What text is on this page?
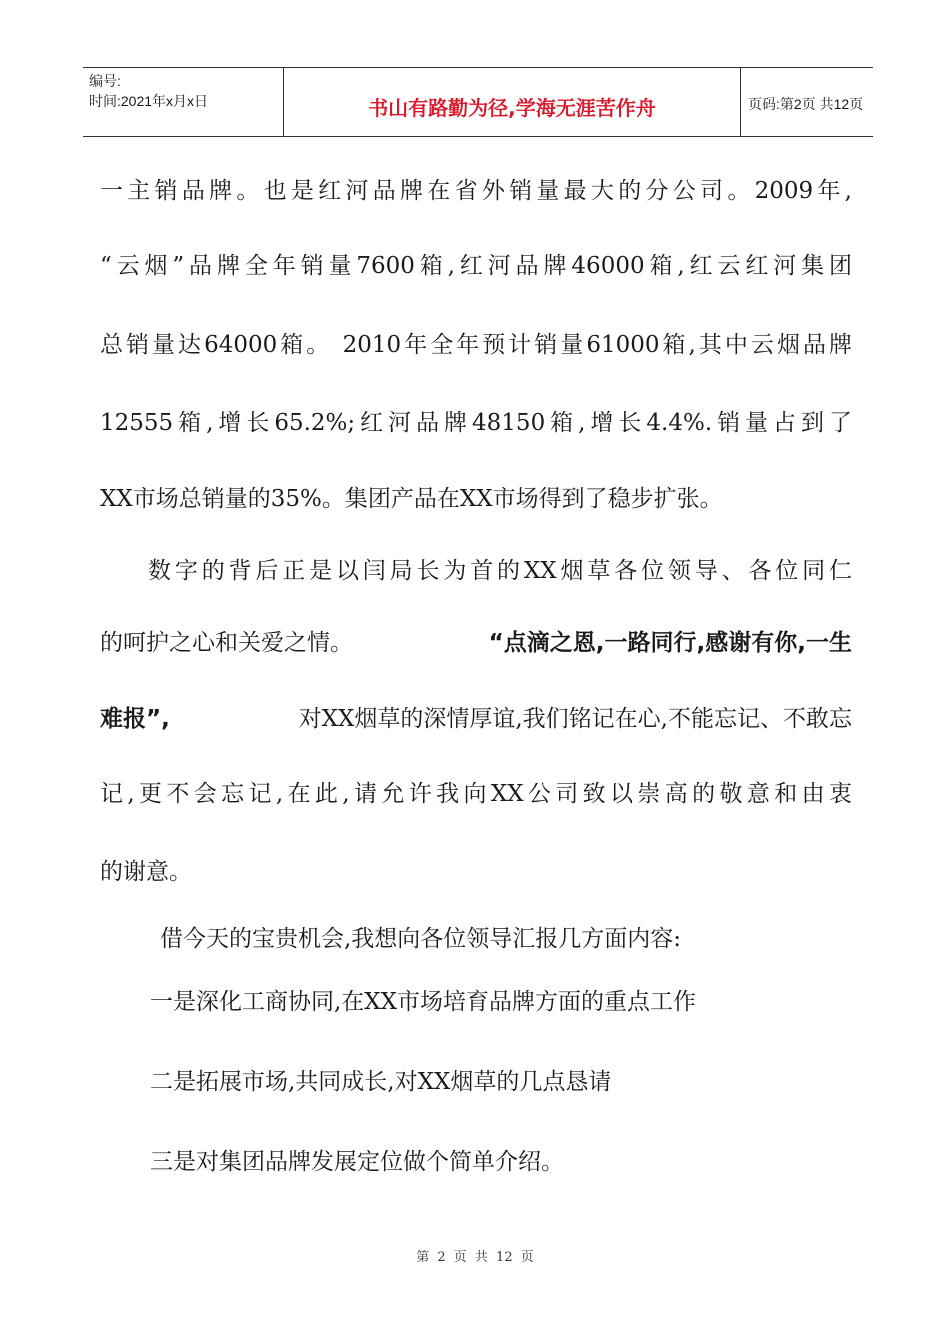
编号:
时间:2021年x月x日	书山有路勤为径,学海无涯苦作舟	页码:第2页 共12页
一主销品牌。也是红河品牌在省外销量最大的分公司。2009年,
“云烟”品牌全年销量7600箱,红河品牌46000箱,红云红河集团
总销量达64000箱。 2010年全年预计销量61000箱,其中云烟品牌
12555箱,增长65.2%;红河品牌48150箱,增长4.4%.销量占到了
XX市场总销量的35%。集团产品在XX市场得到了稳步扩张。
数字的背后正是以闫局长为首的XX烟草各位领导、各位同仁
的呵护之心和关爱之情。	“点滴之恩,一路同行,感谢有你,一生
难报”,	对XX烟草的深情厚谊,我们铭记在心,不能忘记、不敢忘
记,更不会忘记,在此,请允许我向XX公司致以崇高的敬意和由衷
的谢意。
借今天的宝贵机会,我想向各位领导汇报几方面内容:
一是深化工商协同,在XX市场培育品牌方面的重点工作
二是拓展市场,共同成长,对XX烟草的几点恳请
三是对集团品牌发展定位做个简单介绍。
第 2 页 共 12 页
